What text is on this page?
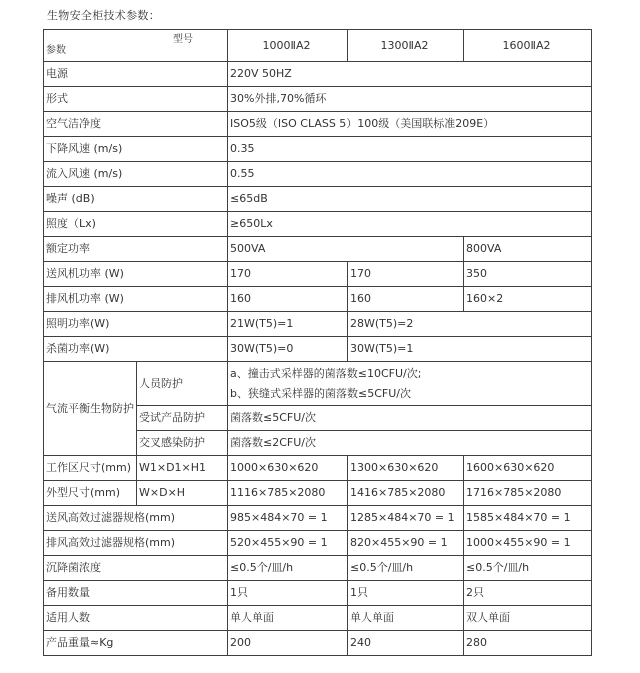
生物安全柜技术参数：
型号
参数		1000ⅡA2	1300ⅡA2	1600ⅡA2
电源		220V 50HZ		
形式		30%外排,70%循环		
空气洁净度		ISO5级（ISO CLASS 5）100级（美国联标准209E）		
下降风速 (m/s)		0.35		
流入风速 (m/s)		0.55		
噪声 (dB)		≤65dB		
照度（Lx)		≥650Lx		
额定功率		500VA		800VA
送风机功率 (W)		170	170	350
排风机功率 (W)		160	160	160×2
照明功率(W)		21W(T5)=1	28W(T5)=2	
杀菌功率(W)		30W(T5)=0	30W(T5)=1	
气流平衡生物防护	人员防护	a、撞击式采样器的菌落数≤10CFU/次;
b、狭缝式采样器的菌落数≤5CFU/次		

	受试产品防护	菌落数≤5CFU/次		
	交叉感染防护	菌落数≤2CFU/次		
工作区尺寸(mm)	W1×D1×H1	1000×630×620	1300×630×620	1600×630×620
外型尺寸(mm)	W×D×H	1116×785×2080	1416×785×2080	1716×785×2080
送风高效过滤器规格(mm)		985×484×70 = 1	1285×484×70 = 1	1585×484×70 = 1
排风高效过滤器规格(mm)		520×455×90 = 1	820×455×90 = 1	1000×455×90 = 1
沉降菌浓度		≤0.5个/皿/h	≤0.5个/皿/h	≤0.5个/皿/h
备用数量		1只	1只	2只
适用人数		单人单面	单人单面	双人单面
产品重量≈Kg		200	240	280
